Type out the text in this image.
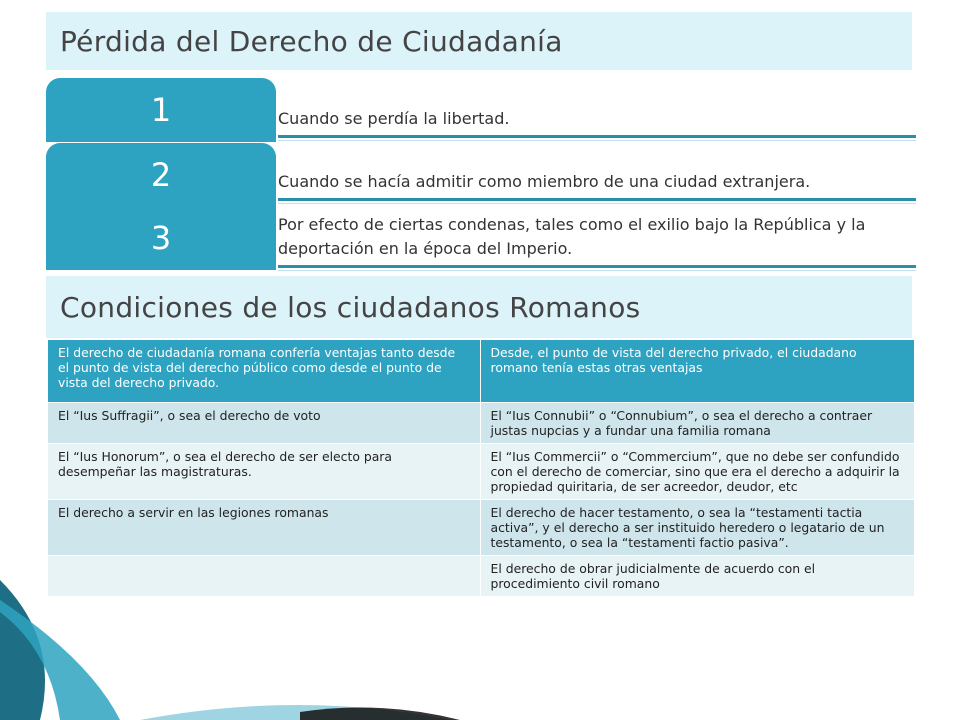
Pérdida del Derecho de Ciudadanía
1	Cuando se perdía la libertad.
2	Cuando se hacía admitir como miembro de una ciudad extranjera.
3	Por efecto de ciertas condenas, tales como el exilio bajo la República y la deportación en la época del Imperio.
Condiciones de los ciudadanos Romanos
El derecho de ciudadanía romana confería ventajas tanto desde el punto de vista del derecho público como desde el punto de vista del derecho privado.	Desde, el punto de vista del derecho privado, el ciudadano romano tenía estas otras ventajas
El “Ius Suffragii”, o sea el derecho de voto	El “Ius Connubii” o “Connubium”, o sea el derecho a contraer justas nupcias y a fundar una familia romana
El “Ius Honorum”, o sea el derecho de ser electo para desempeñar las magistraturas.	El “Ius Commercii” o “Commercium”, que no debe ser confundido con el derecho de comerciar, sino que era el derecho a adquirir la propiedad quiritaria, de ser acreedor, deudor, etc
El derecho a servir en las legiones romanas	El derecho de hacer testamento, o sea la “testamenti tactia activa”, y el derecho a ser instituido heredero o legatario de un testamento, o sea la “testamenti factio pasiva”.
	El derecho de obrar judicialmente de acuerdo con el procedimiento civil romano
